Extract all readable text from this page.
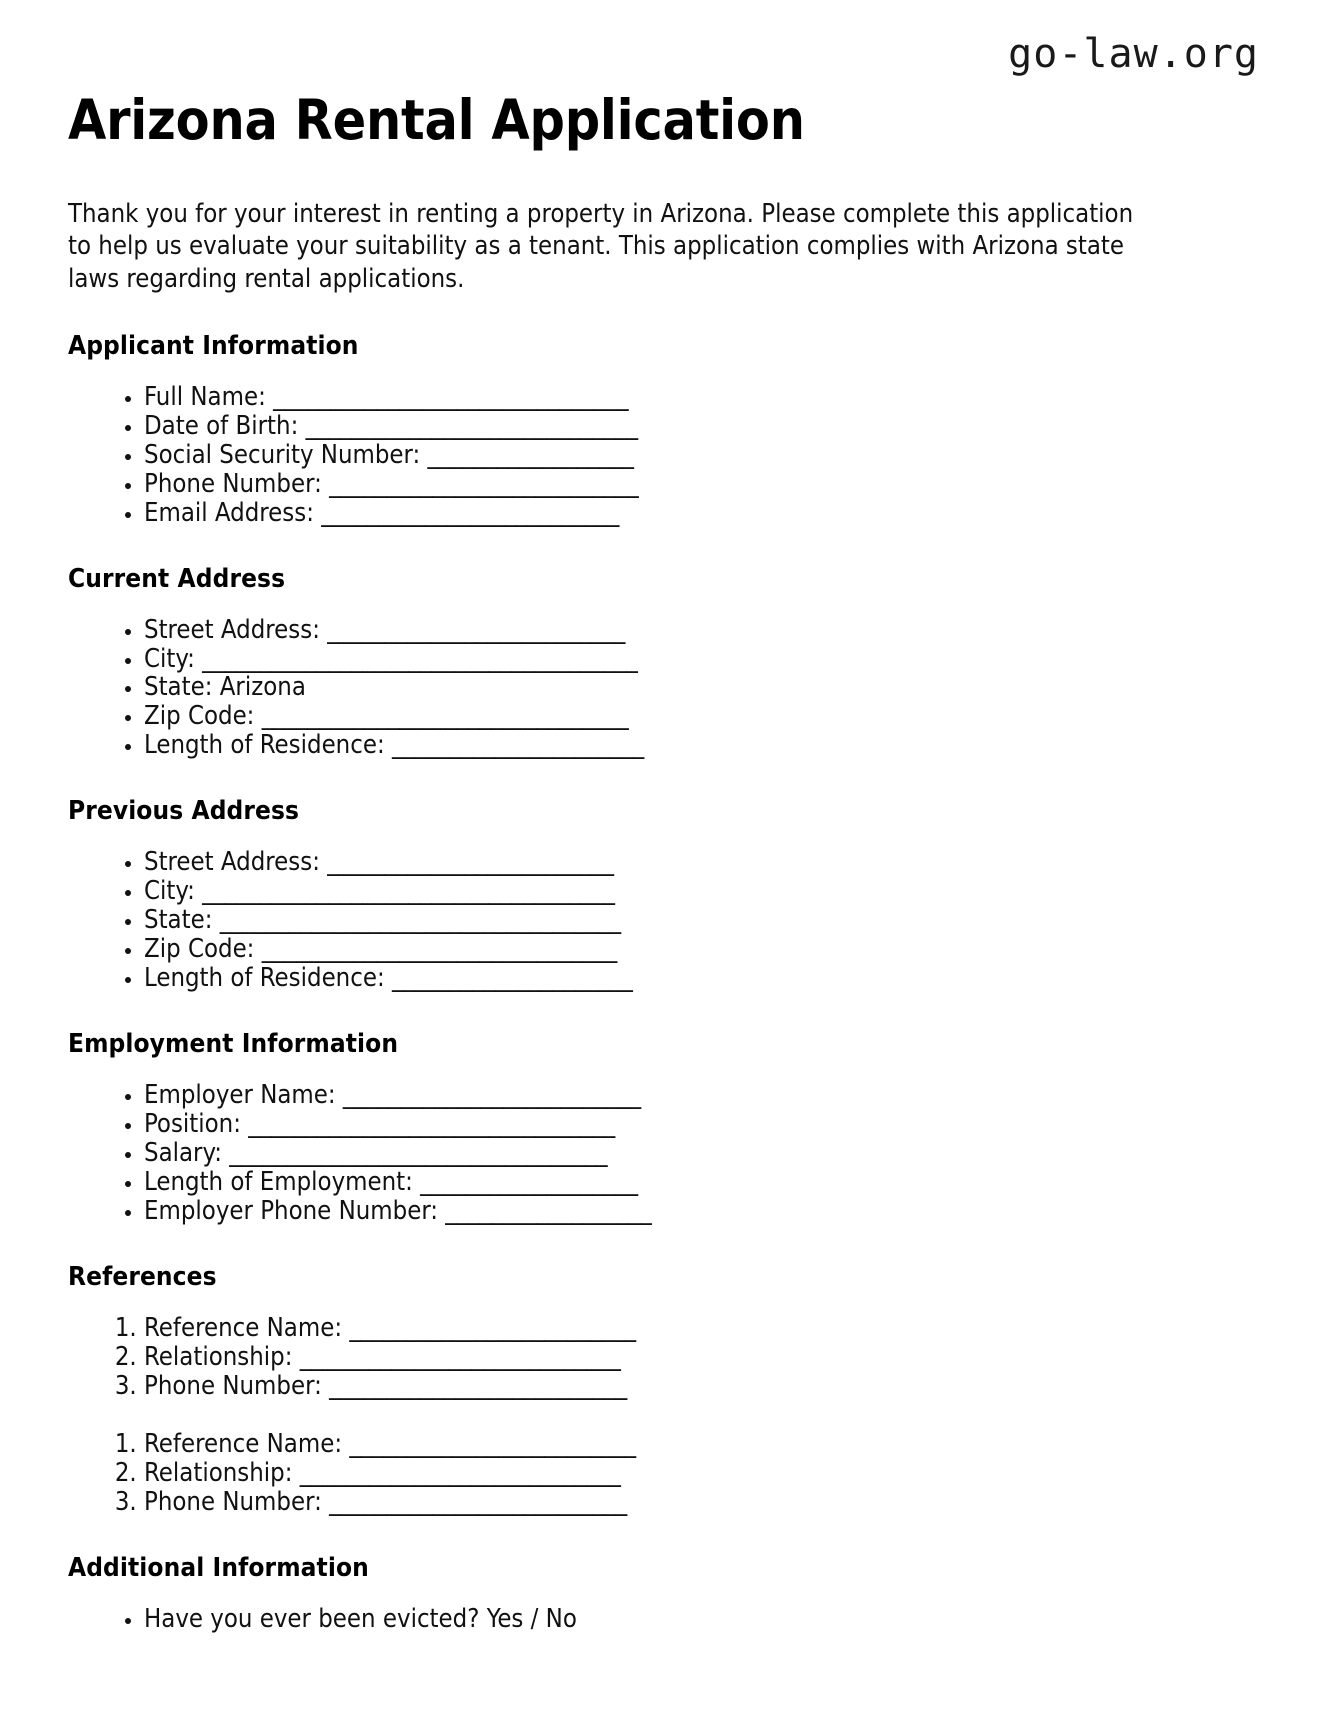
go-law.org
Arizona Rental Application

Thank you for your interest in renting a property in Arizona. Please complete this application to help us evaluate your suitability as a tenant. This application complies with Arizona state laws regarding rental applications.

Applicant Information
• Full Name: _______________________________
• Date of Birth: _____________________________
• Social Security Number: __________________
• Phone Number: ___________________________
• Email Address: __________________________
Current Address
• Street Address: __________________________
• City: ______________________________________
• State: Arizona
• Zip Code: ________________________________
• Length of Residence: ______________________
Previous Address
• Street Address: _________________________
• City: ____________________________________
• State: ___________________________________
• Zip Code: _______________________________
• Length of Residence: _____________________
Employment Information
• Employer Name: __________________________
• Position: ________________________________
• Salary: _________________________________
• Length of Employment: ___________________
• Employer Phone Number: __________________
References
1. Reference Name: _________________________
2. Relationship: ____________________________
3. Phone Number: __________________________
1. Reference Name: _________________________
2. Relationship: ____________________________
3. Phone Number: __________________________
Additional Information
• Have you ever been evicted? Yes / No
